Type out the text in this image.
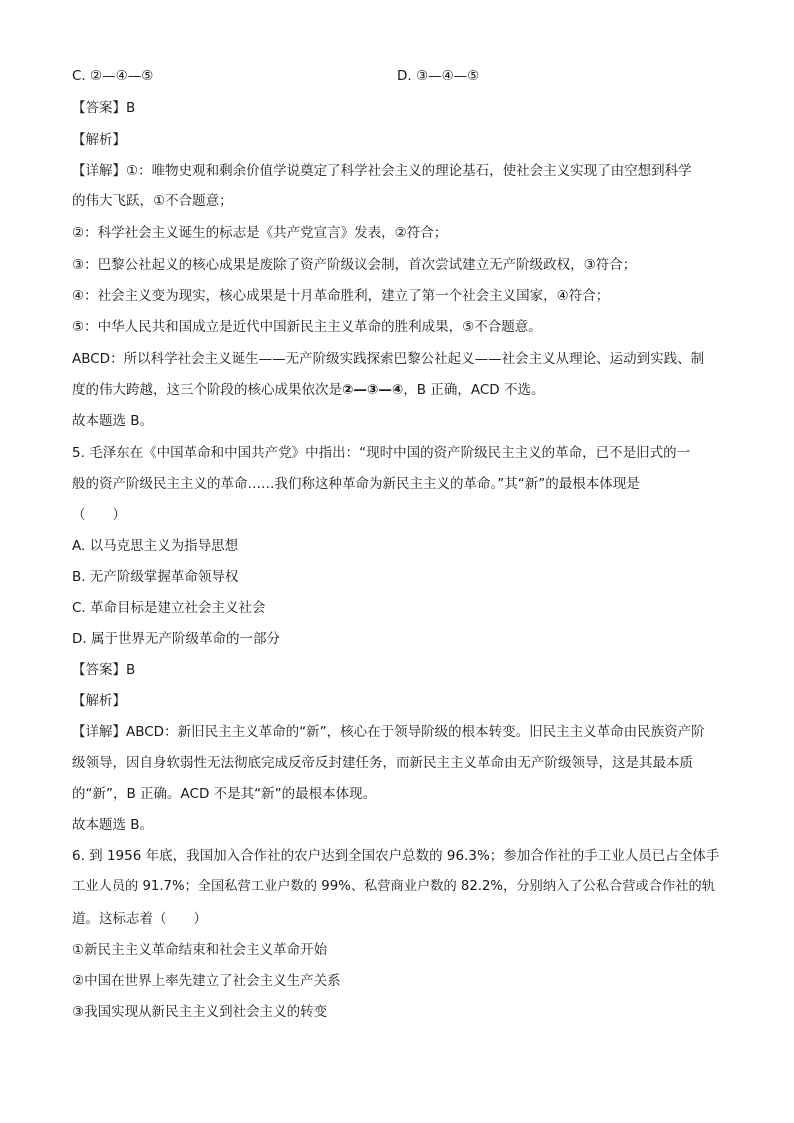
C. ②—④—⑤	D. ③—④—⑤
【答案】B
【解析】
【详解】①：唯物史观和剩余价值学说奠定了科学社会主义的理论基石，使社会主义实现了由空想到科学
的伟大飞跃，①不合题意；
②：科学社会主义诞生的标志是《共产党宣言》发表，②符合；
③：巴黎公社起义的核心成果是废除了资产阶级议会制，首次尝试建立无产阶级政权，③符合；
④：社会主义变为现实，核心成果是十月革命胜利，建立了第一个社会主义国家，④符合；
⑤：中华人民共和国成立是近代中国新民主主义革命的胜利成果，⑤不合题意。
ABCD：所以科学社会主义诞生——无产阶级实践探索巴黎公社起义——社会主义从理论、运动到实践、制
度的伟大跨越，这三个阶段的核心成果依次是②—③—④，B 正确，ACD 不选。
故本题选 B。
5. 毛泽东在《中国革命和中国共产党》中指出：“现时中国的资产阶级民主主义的革命，已不是旧式的一
般的资产阶级民主主义的革命……我们称这种革命为新民主主义的革命。”其“新”的最根本体现是
（　　）
A. 以马克思主义为指导思想
B. 无产阶级掌握革命领导权
C. 革命目标是建立社会主义社会
D. 属于世界无产阶级革命的一部分
【答案】B
【解析】
【详解】ABCD：新旧民主主义革命的“新”，核心在于领导阶级的根本转变。旧民主主义革命由民族资产阶
级领导，因自身软弱性无法彻底完成反帝反封建任务，而新民主主义革命由无产阶级领导，这是其最本质
的“新”，B 正确。ACD 不是其“新”的最根本体现。
故本题选 B。
6. 到 1956 年底，我国加入合作社的农户达到全国农户总数的 96.3%；参加合作社的手工业人员已占全体手
工业人员的 91.7%；全国私营工业户数的 99%、私营商业户数的 82.2%，分别纳入了公私合营或合作社的轨
道。这标志着（　　）
①新民主主义革命结束和社会主义革命开始
②中国在世界上率先建立了社会主义生产关系
③我国实现从新民主主义到社会主义的转变
